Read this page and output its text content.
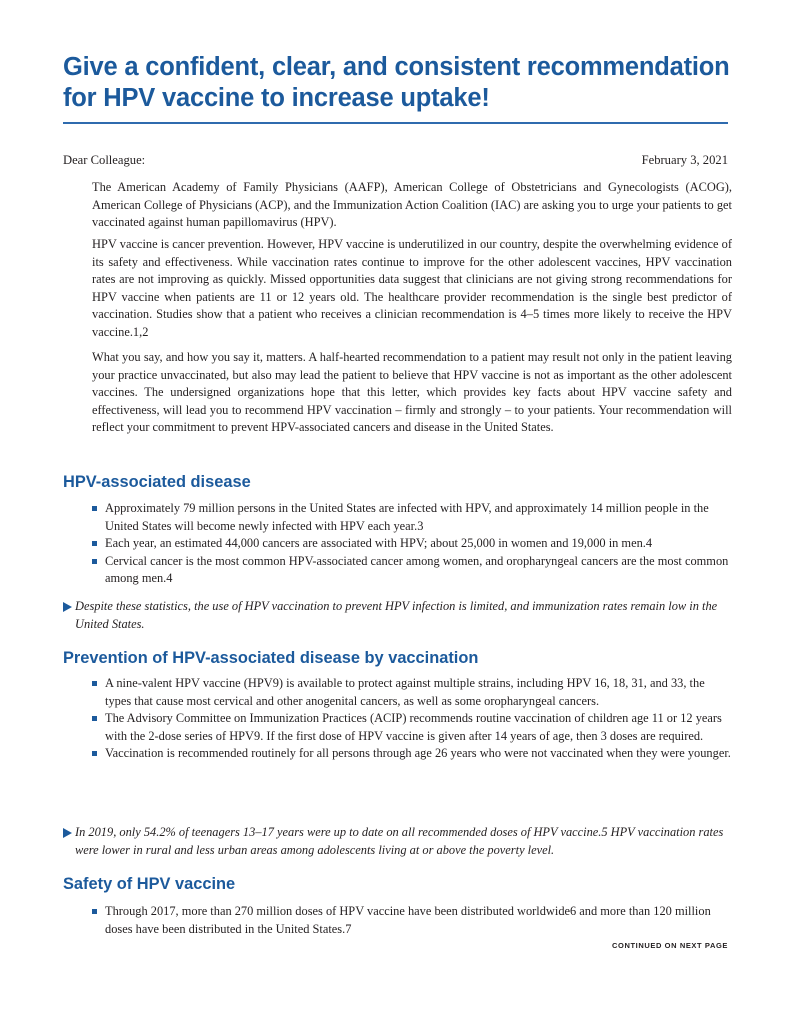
Give a confident, clear, and consistent recommendation for HPV vaccine to increase uptake!
Dear Colleague:	February 3, 2021

The American Academy of Family Physicians (AAFP), American College of Obstetricians and Gynecologists (ACOG), American College of Physicians (ACP), and the Immunization Action Coalition (IAC) are asking you to urge your patients to get vaccinated against human papillomavirus (HPV).

HPV vaccine is cancer prevention. However, HPV vaccine is underutilized in our country, despite the overwhelming evidence of its safety and effectiveness. While vaccination rates continue to improve for the other adolescent vaccines, HPV vaccination rates are not improving as quickly. Missed opportunities data suggest that clinicians are not giving strong recommendations for HPV vaccine when patients are 11 or 12 years old. The healthcare provider recommendation is the single best predictor of vaccination. Studies show that a patient who receives a clinician recommendation is 4–5 times more likely to receive the HPV vaccine.1,2

What you say, and how you say it, matters. A half-hearted recommendation to a patient may result not only in the patient leaving your practice unvaccinated, but also may lead the patient to believe that HPV vaccine is not as important as the other adolescent vaccines. The undersigned organizations hope that this letter, which provides key facts about HPV vaccine safety and effectiveness, will lead you to recommend HPV vaccination – firmly and strongly – to your patients. Your recommendation will reflect your commitment to prevent HPV-associated cancers and disease in the United States.

HPV-associated disease
Approximately 79 million persons in the United States are infected with HPV, and approximately 14 million people in the United States will become newly infected with HPV each year.3
Each year, an estimated 44,000 cancers are associated with HPV; about 25,000 in women and 19,000 in men.4
Cervical cancer is the most common HPV-associated cancer among women, and oropharyngeal cancers are the most common among men.4
Despite these statistics, the use of HPV vaccination to prevent HPV infection is limited, and immunization rates remain low in the United States.
Prevention of HPV-associated disease by vaccination
A nine-valent HPV vaccine (HPV9) is available to protect against multiple strains, including HPV 16, 18, 31, and 33, the types that cause most cervical and other anogenital cancers, as well as some oropharyngeal cancers.
The Advisory Committee on Immunization Practices (ACIP) recommends routine vaccination of children age 11 or 12 years with the 2-dose series of HPV9. If the first dose of HPV vaccine is given after 14 years of age, then 3 doses are required.
Vaccination is recommended routinely for all persons through age 26 years who were not vaccinated when they were younger.
In 2019, only 54.2% of teenagers 13–17 years were up to date on all recommended doses of HPV vaccine.5 HPV vaccination rates were lower in rural and less urban areas among adolescents living at or above the poverty level.
Safety of HPV vaccine
Through 2017, more than 270 million doses of HPV vaccine have been distributed worldwide6 and more than 120 million doses have been distributed in the United States.7
CONTINUED ON NEXT PAGE
